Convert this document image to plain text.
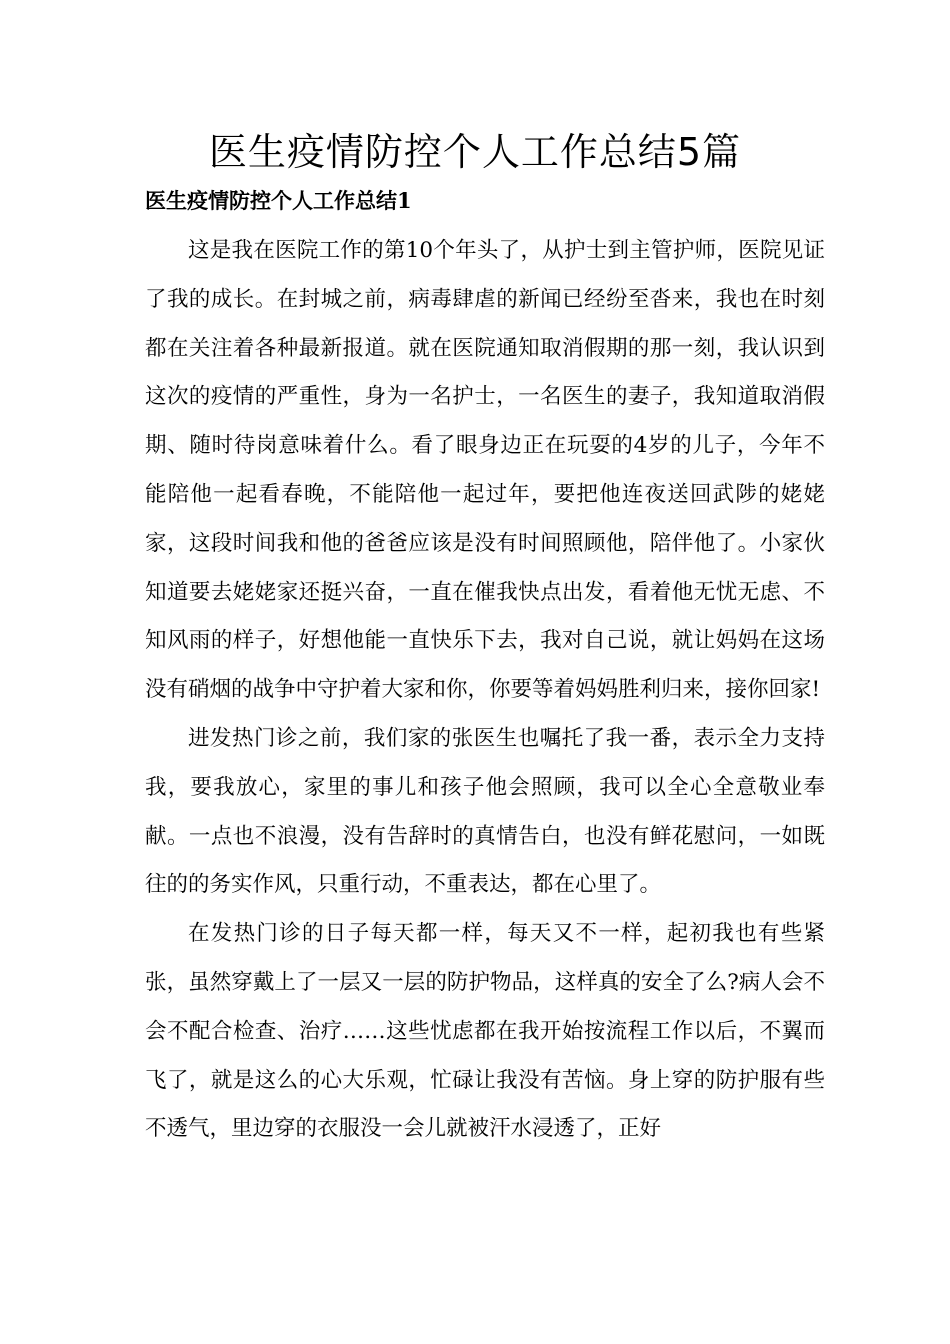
医生疫情防控个人工作总结5篇
医生疫情防控个人工作总结1

这是我在医院工作的第10个年头了，从护士到主管护师，医院见证了我的成长。在封城之前，病毒肆虐的新闻已经纷至沓来，我也在时刻都在关注着各种最新报道。就在医院通知取消假期的那一刻，我认识到这次的疫情的严重性，身为一名护士，一名医生的妻子，我知道取消假期、随时待岗意味着什么。看了眼身边正在玩耍的4岁的儿子，今年不能陪他一起看春晚，不能陪他一起过年，要把他连夜送回武陟的姥姥家，这段时间我和他的爸爸应该是没有时间照顾他，陪伴他了。小家伙知道要去姥姥家还挺兴奋，一直在催我快点出发，看着他无忧无虑、不知风雨的样子，好想他能一直快乐下去，我对自己说，就让妈妈在这场没有硝烟的战争中守护着大家和你，你要等着妈妈胜利归来，接你回家!

进发热门诊之前，我们家的张医生也嘱托了我一番，表示全力支持我，要我放心，家里的事儿和孩子他会照顾，我可以全心全意敬业奉献。一点也不浪漫，没有告辞时的真情告白，也没有鲜花慰问，一如既往的的务实作风，只重行动，不重表达，都在心里了。

在发热门诊的日子每天都一样，每天又不一样，起初我也有些紧张，虽然穿戴上了一层又一层的防护物品，这样真的安全了么?病人会不会不配合检查、治疗……这些忧虑都在我开始按流程工作以后，不翼而飞了，就是这么的心大乐观，忙碌让我没有苦恼。身上穿的防护服有些不透气，里边穿的衣服没一会儿就被汗水浸透了，正好
